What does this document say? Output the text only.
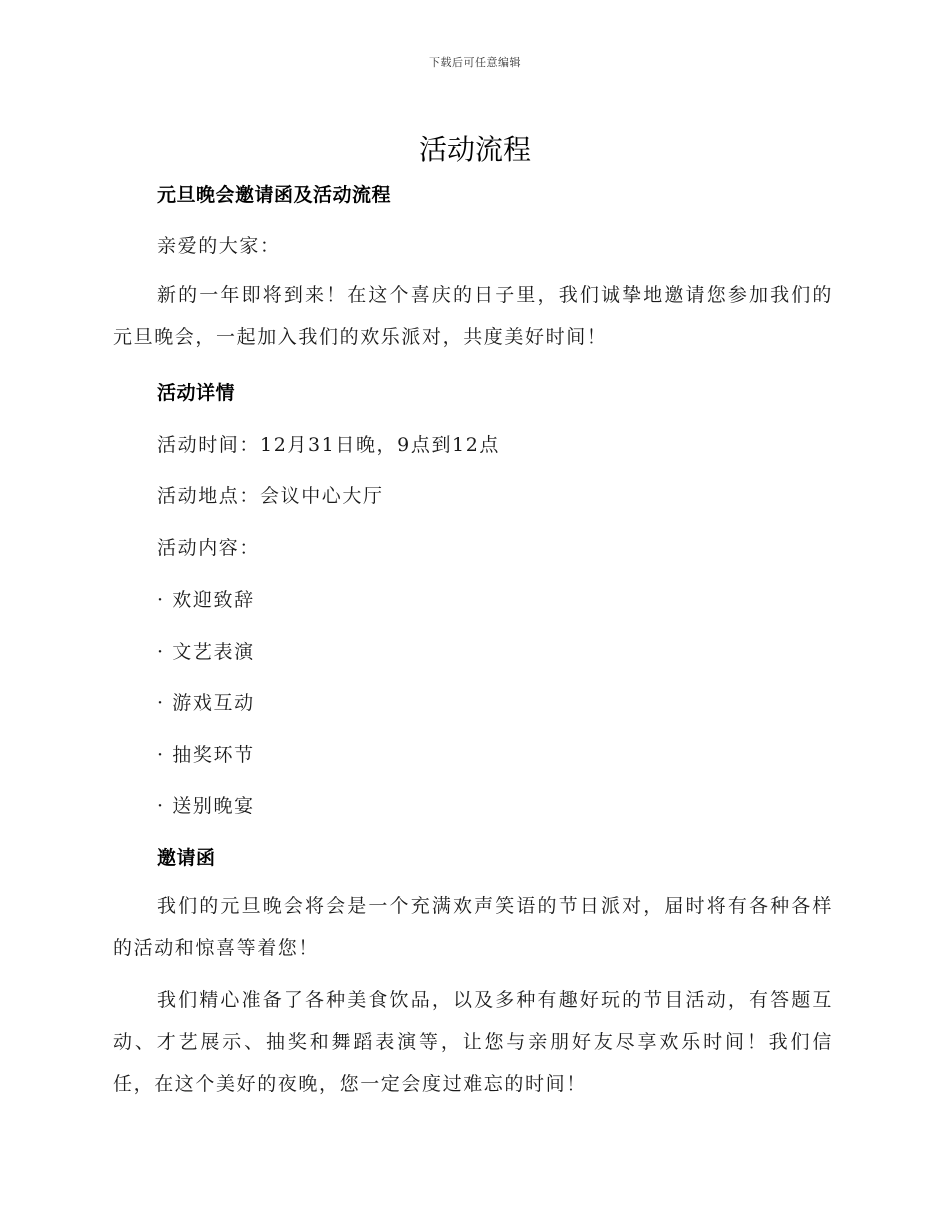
下载后可任意编辑
活动流程
元旦晚会邀请函及活动流程
亲爱的大家：

新的一年即将到来！在这个喜庆的日子里，我们诚挚地邀请您参加我们的元旦晚会，一起加入我们的欢乐派对，共度美好时间！

活动详情
活动时间：12月31日晚，9点到12点
活动地点：会议中心大厅
活动内容：
· 欢迎致辞
· 文艺表演
· 游戏互动
· 抽奖环节
· 送别晚宴
邀请函

我们的元旦晚会将会是一个充满欢声笑语的节日派对，届时将有各种各样的活动和惊喜等着您！

我们精心准备了各种美食饮品，以及多种有趣好玩的节目活动，有答题互动、才艺展示、抽奖和舞蹈表演等，让您与亲朋好友尽享欢乐时间！我们信任，在这个美好的夜晚，您一定会度过难忘的时间！
